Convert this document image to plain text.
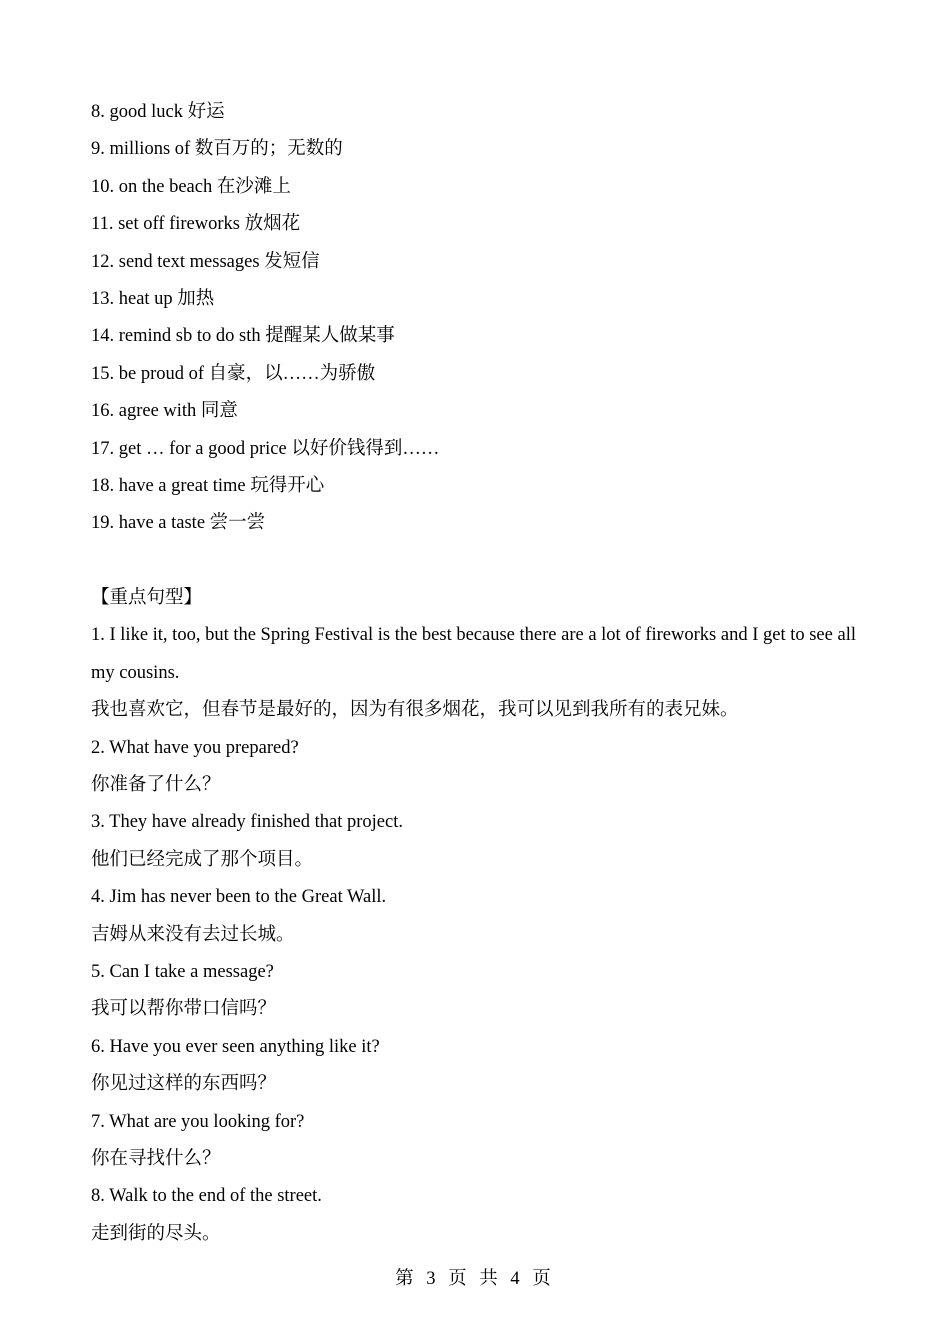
8. good luck 好运
9. millions of 数百万的；无数的
10. on the beach 在沙滩上
11. set off fireworks 放烟花
12. send text messages 发短信
13. heat up 加热
14. remind sb to do sth 提醒某人做某事
15. be proud of 自豪，以……为骄傲
16. agree with 同意
17. get … for a good price 以好价钱得到……
18. have a great time 玩得开心
19. have a taste 尝一尝
【重点句型】
1. I like it, too, but the Spring Festival is the best because there are a lot of fireworks and I get to see all my cousins.
我也喜欢它，但春节是最好的，因为有很多烟花，我可以见到我所有的表兄妹。
2. What have you prepared?
你准备了什么？
3. They have already finished that project.
他们已经完成了那个项目。
4. Jim has never been to the Great Wall.
吉姆从来没有去过长城。
5. Can I take a message?
我可以帮你带口信吗？
6. Have you ever seen anything like it?
你见过这样的东西吗？
7. What are you looking for?
你在寻找什么？
8. Walk to the end of the street.
走到街的尽头。
第 3 页 共 4 页
